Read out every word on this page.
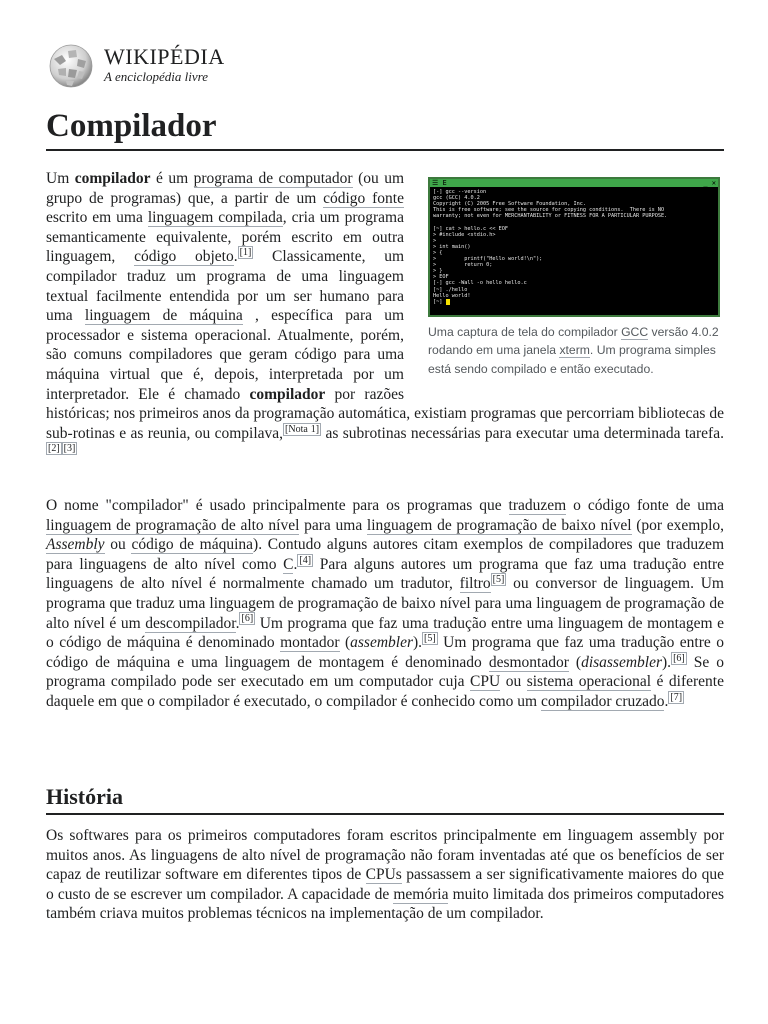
WIKIPÉDIA
A enciclopédia livre
Compilador
☰ E	_ ✕
[-] gcc --version
gcc (GCC) 4.0.2
Copyright (C) 2005 Free Software Foundation, Inc.
This is free software; see the source for copying conditions.  There is NO
warranty; not even for MERCHANTABILITY or FITNESS FOR A PARTICULAR PURPOSE.

[~] cat > hello.c << EOF
> #include <stdio.h>
>
> int main()
> {
>         printf("Hello world!\n");
>         return 0;
> }
> EOF
[-] gcc -Wall -o hello hello.c
[~] ./hello
Hello world!
[~]
Uma captura de tela do compilador GCC versão 4.0.2 rodando em uma janela xterm. Um programa simples está sendo compilado e então executado.

Um compilador é um programa de computador (ou um grupo de programas) que, a partir de um código fonte escrito em uma linguagem compilada, cria um programa semanticamente equivalente, porém escrito em outra linguagem, código objeto. [1] Classicamente, um compilador traduz um programa de uma linguagem textual facilmente entendida por um ser humano para uma linguagem de máquina , específica para um processador e sistema operacional. Atualmente, porém, são comuns compiladores que geram código para uma máquina virtual que é, depois, interpretada por um interpretador. Ele é chamado compilador por razões históricas; nos primeiros anos da programação automática, existiam programas que percorriam bibliotecas de sub-rotinas e as reunia, ou compilava, [Nota 1] as subrotinas necessárias para executar uma determinada tarefa.[2] [3]

O nome "compilador" é usado principalmente para os programas que traduzem o código fonte de uma linguagem de programação de alto nível para uma linguagem de programação de baixo nível (por exemplo, Assembly ou código de máquina). Contudo alguns autores citam exemplos de compiladores que traduzem para linguagens de alto nível como C. [4] Para alguns autores um programa que faz uma tradução entre linguagens de alto nível é normalmente chamado um tradutor, filtro [5] ou conversor de linguagem. Um programa que traduz uma linguagem de programação de baixo nível para uma linguagem de programação de alto nível é um descompilador. [6] Um programa que faz uma tradução entre uma linguagem de montagem e o código de máquina é denominado montador (assembler). [5] Um programa que faz uma tradução entre o código de máquina e uma linguagem de montagem é denominado desmontador (disassembler). [6] Se o programa compilado pode ser executado em um computador cuja CPU ou sistema operacional é diferente daquele em que o compilador é executado, o compilador é conhecido como um compilador cruzado. [7]

História

Os softwares para os primeiros computadores foram escritos principalmente em linguagem assembly por muitos anos. As linguagens de alto nível de programação não foram inventadas até que os benefícios de ser capaz de reutilizar software em diferentes tipos de CPUs passassem a ser significativamente maiores do que o custo de se escrever um compilador. A capacidade de memória muito limitada dos primeiros computadores também criava muitos problemas técnicos na implementação de um compilador.
